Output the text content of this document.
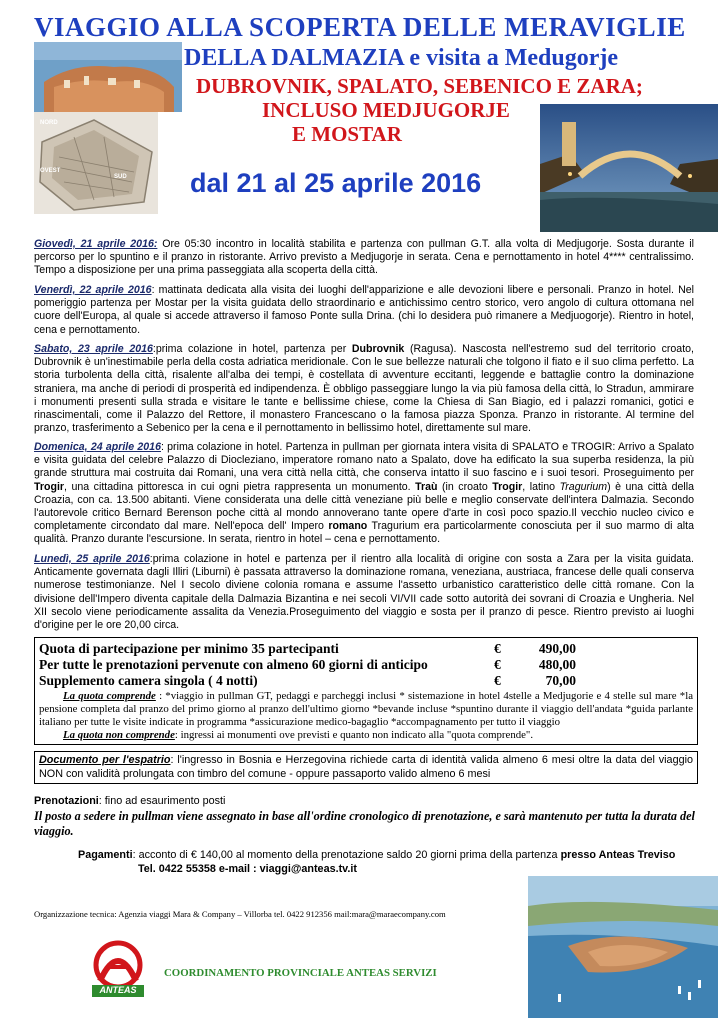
NORD
OVEST
SUD
VIAGGIO ALLA SCOPERTA DELLE MERAVIGLIE
DELLA DALMAZIA e visita a Medugorje
DUBROVNIK, SPALATO, SEBENICO E ZARA;
INCLUSO MEDJUGORJE
E MOSTAR
dal 21 al 25 aprile 2016

Giovedì, 21 aprile 2016: Ore 05:30 incontro in località stabilita e partenza con pullman G.T. alla volta di Medjugorje. Sosta durante il percorso per lo spuntino e il pranzo in ristorante. Arrivo previsto a Medjugorje in serata. Cena e pernottamento in hotel 4**** centralissimo. Tempo a disposizione per una prima passeggiata alla scoperta della città.

Venerdì, 22 aprile 2016: mattinata dedicata alla visita dei luoghi dell'apparizione e alle devozioni libere e personali. Pranzo in hotel. Nel pomeriggio partenza per Mostar per la visita guidata dello straordinario e antichissimo centro storico, vero angolo di cultura ottomana nel cuore dell'Europa, al quale si accede attraverso il famoso Ponte sulla Drina. (chi lo desidera può rimanere a Medjuogorje). Rientro in hotel, cena e pernottamento.

Sabato, 23 aprile 2016:prima colazione in hotel, partenza per Dubrovnik (Ragusa). Nascosta nell'estremo sud del territorio croato, Dubrovnik è un'inestimabile perla della costa adriatica meridionale. Con le sue bellezze naturali che tolgono il fiato e il suo clima perfetto. La storia turbolenta della città, risalente all'alba dei tempi, è costellata di avventure eccitanti, leggende e battaglie contro la dominazione straniera, ma anche di periodi di prosperità ed indipendenza. È obbligo passeggiare lungo la via più famosa della città, lo Stradun, ammirare i monumenti presenti sulla strada e visitare le tante e bellissime chiese, come la Chiesa di San Biagio, ed i palazzi romanici, gotici e rinascimentali, come il Palazzo del Rettore, il monastero Francescano o la famosa piazza Sponza. Pranzo in ristorante. Al termine del pranzo, trasferimento a Sebenico per la cena e il pernottamento in bellissimo hotel, direttamente sul mare.

Domenica, 24 aprile 2016: prima colazione in hotel. Partenza in pullman per giornata intera visita di SPALATO e TROGIR: Arrivo a Spalato e visita guidata del celebre Palazzo di Diocleziano, imperatore romano nato a Spalato, dove ha edificato la sua superba residenza, la più grande struttura mai costruita dai Romani, una vera città nella città, che conserva intatto il suo fascino e i suoi tesori. Proseguimento per Trogir, una cittadina pittoresca in cui ogni pietra rappresenta un monumento. Traù (in croato Trogir, latino Tragurium) è una città della Croazia, con ca. 13.500 abitanti. Viene considerata una delle città veneziane più belle e meglio conservate dell'intera Dalmazia. Secondo l'autorevole critico Bernard Berenson poche città al mondo annoverano tante opere d'arte in così poco spazio.Il vecchio nucleo civico e completamente circondato dal mare. Nell'epoca dell' Impero romano Tragurium era particolarmente conosciuta per il suo marmo di alta qualità. Pranzo durante l'escursione. In serata, rientro in hotel – cena e pernottamento.

Lunedì, 25 aprile 2016:prima colazione in hotel e partenza per il rientro alla località di origine con sosta a Zara per la visita guidata. Anticamente governata dagli Illiri (Liburni) è passata attraverso la dominazione romana, veneziana, austriaca, francese delle quali conserva numerose testimonianze. Nel I secolo diviene colonia romana e assume l'assetto urbanistico caratteristico delle città romane. Con la divisione dell'Impero diventa capitale della Dalmazia Bizantina e nei secoli VI/VII cade sotto autorità dei sovrani di Croazia e Ungheria. Nel XII secolo viene periodicamente assalita da Venezia.Proseguimento del viaggio e sosta per il pranzo di pesce. Rientro previsto ai luoghi d'origine per le ore 20,00 circa.

Quota di partecipazione per minimo 35 partecipanti	€	490,00
Per tutte le prenotazioni pervenute con almeno 60 giorni di anticipo	€	480,00
Supplemento camera singola ( 4 notti)	€	70,00
La quota comprende : *viaggio in pullman GT, pedaggi e parcheggi inclusi * sistemazione in hotel 4stelle a Medjugorie e 4 stelle sul mare *la pensione completa dal pranzo del primo giorno al pranzo dell'ultimo giorno *bevande incluse *spuntino durante il viaggio dell'andata *guida parlante italiano per tutte le visite indicate in programma *assicurazione medico-bagaglio *accompagnamento per tutto il viaggio
La quota non comprende: ingressi ai monumenti ove previsti e quanto non indicato alla "quota comprende".
Documento per l'espatrio: l'ingresso in Bosnia e Herzegovina richiede carta di identità valida almeno 6 mesi oltre la data del viaggio NON con validità prolungata con timbro del comune - oppure passaporto valido almeno 6 mesi
Prenotazioni: fino ad esaurimento posti
Il posto a sedere in pullman viene assegnato in base all'ordine cronologico di prenotazione, e sarà mantenuto per tutta la durata del viaggio.
Pagamenti: acconto di € 140,00 al momento della prenotazione saldo 20 giorni prima della partenza presso Anteas Treviso
Tel. 0422 55358 e-mail : viaggi@anteas.tv.it
Organizzazione tecnica: Agenzia viaggi Mara & Company – Villorba tel. 0422 912356 mail:mara@maraecompany.com
ANTEAS
COORDINAMENTO PROVINCIALE ANTEAS SERVIZI
